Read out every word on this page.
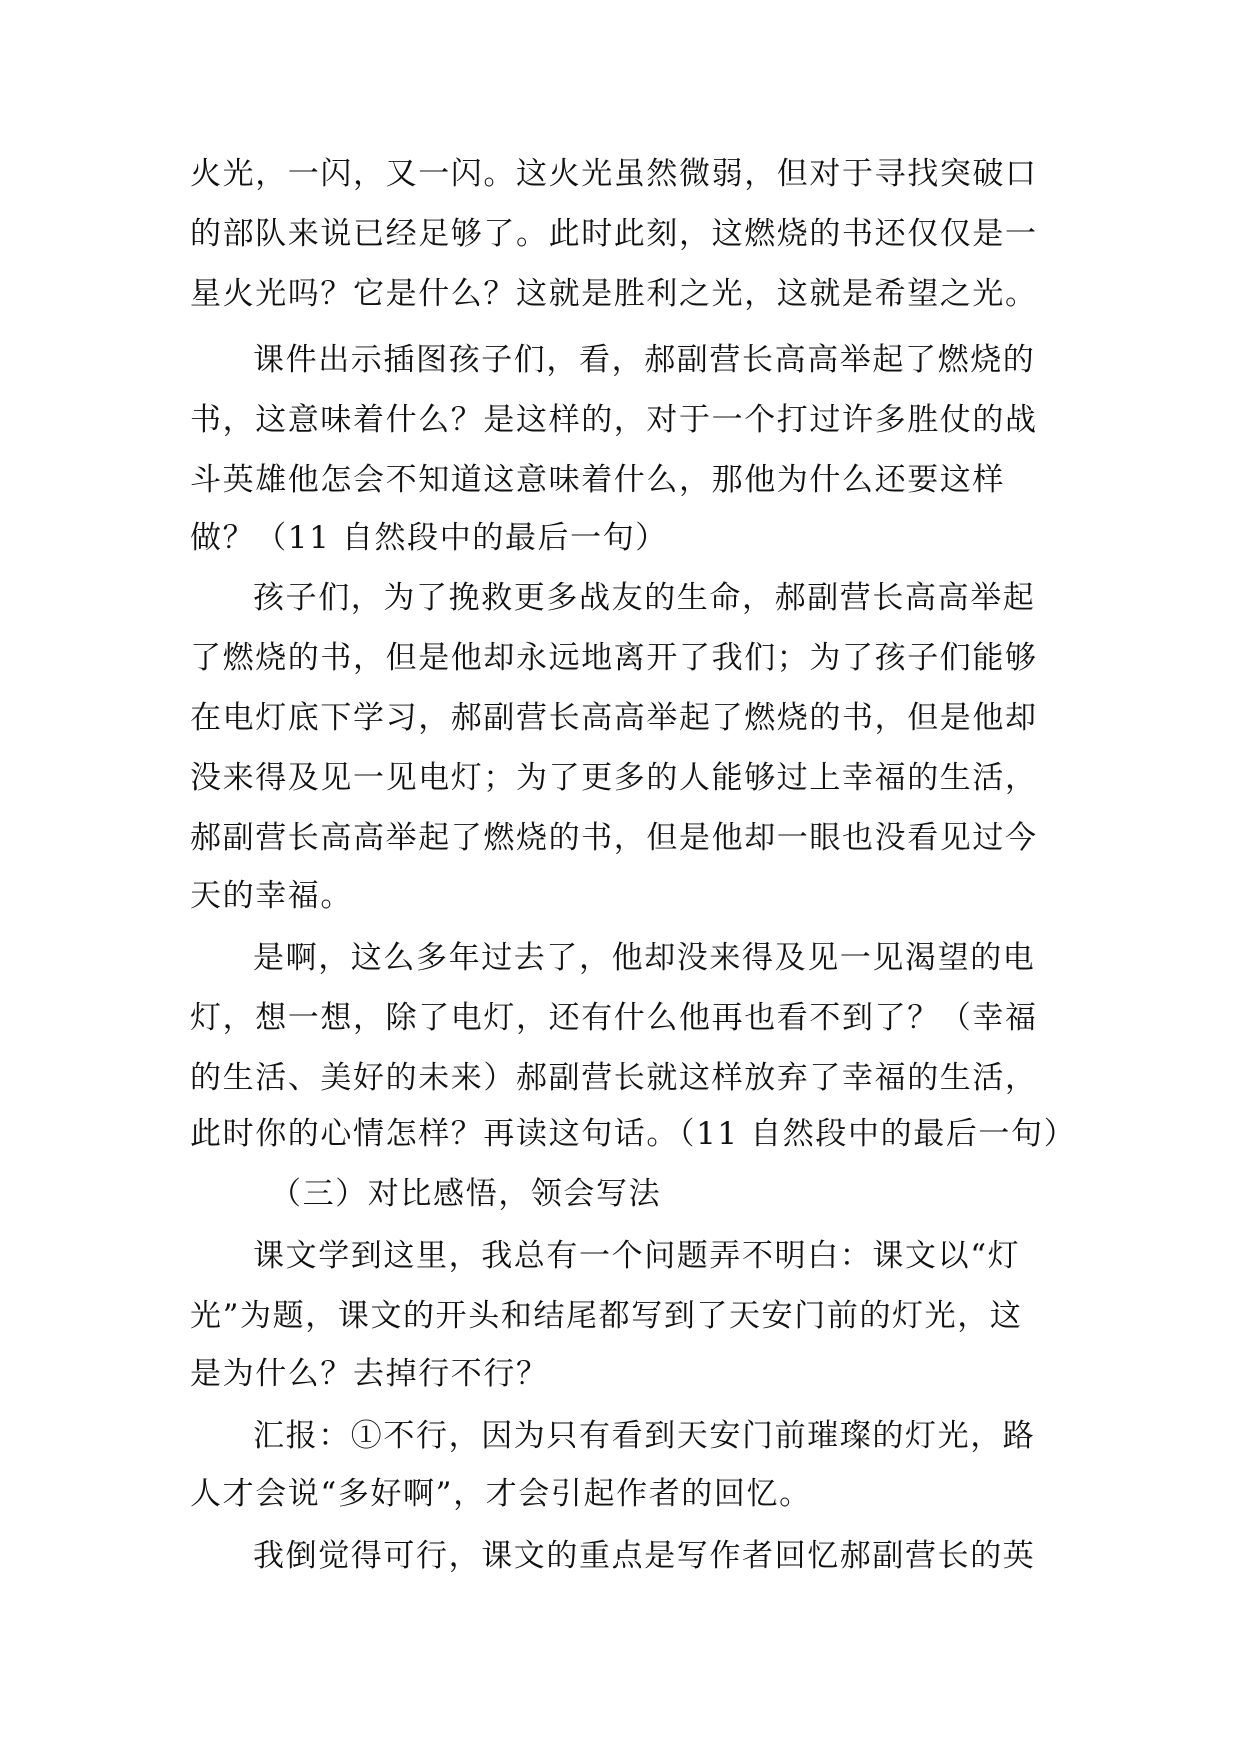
火光，一闪，又一闪。这火光虽然微弱，但对于寻找突破口
的部队来说已经足够了。此时此刻，这燃烧的书还仅仅是一
星火光吗？它是什么？这就是胜利之光，这就是希望之光。
课件出示插图孩子们，看，郝副营长高高举起了燃烧的
书，这意味着什么？是这样的，对于一个打过许多胜仗的战
斗英雄他怎会不知道这意味着什么，那他为什么还要这样
做？（11 自然段中的最后一句）
孩子们，为了挽救更多战友的生命，郝副营长高高举起
了燃烧的书，但是他却永远地离开了我们；为了孩子们能够
在电灯底下学习，郝副营长高高举起了燃烧的书，但是他却
没来得及见一见电灯；为了更多的人能够过上幸福的生活，
郝副营长高高举起了燃烧的书，但是他却一眼也没看见过今
天的幸福。
是啊，这么多年过去了，他却没来得及见一见渴望的电
灯，想一想，除了电灯，还有什么他再也看不到了？（幸福
的生活、美好的未来）郝副营长就这样放弃了幸福的生活，
此时你的心情怎样？再读这句话。（11 自然段中的最后一句）
（三）对比感悟，领会写法
课文学到这里，我总有一个问题弄不明白：课文以“灯
光”为题，课文的开头和结尾都写到了天安门前的灯光，这
是为什么？去掉行不行？
汇报：①不行，因为只有看到天安门前璀璨的灯光，路
人才会说“多好啊”，才会引起作者的回忆。
我倒觉得可行，课文的重点是写作者回忆郝副营长的英
